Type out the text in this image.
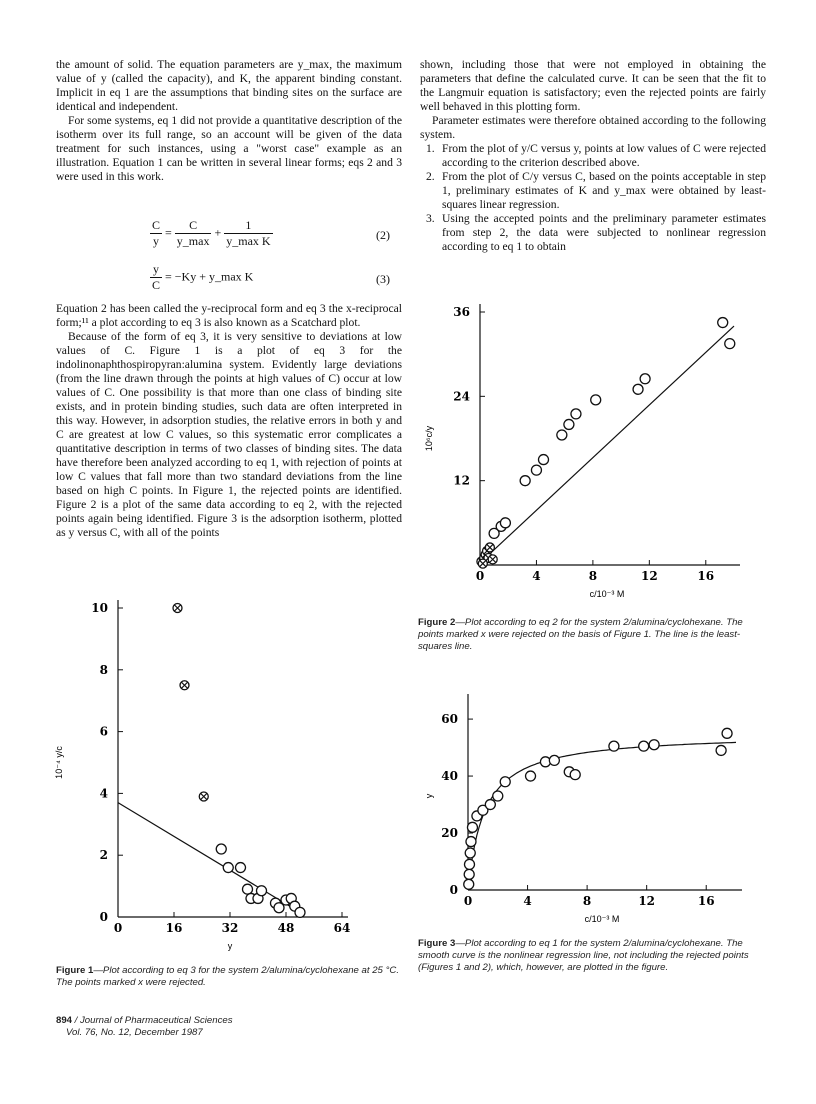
the amount of solid. The equation parameters are y_max, the maximum value of y (called the capacity), and K, the apparent binding constant. Implicit in eq 1 are the assumptions that binding sites on the surface are identical and independent.

For some systems, eq 1 did not provide a quantitative description of the isotherm over its full range, so an account will be given of the data treatment for such instances, using a "worst case" example as an illustration. Equation 1 can be written in several linear forms; eqs 2 and 3 were used in this work.

$\frac{C}{y} = \frac{C}{y\_\max} + \frac{1}{\text{y\_max K}}$	(2)
$\frac{y}{C} = -Ky$ + y_max K	(3)

Equation 2 has been called the y-reciprocal form and eq 3 the x-reciprocal form;¹¹ a plot according to eq 3 is also known as a Scatchard plot.

Because of the form of eq 3, it is very sensitive to deviations at low values of C. Figure 1 is a plot of eq 3 for the indolinonaphthospiropyran:alumina system. Evidently large deviations (from the line drawn through the points at high values of C) occur at low values of C. One possibility is that more than one class of binding site exists, and in protein binding studies, such data are often interpreted in this way. However, in adsorption studies, the relative errors in both y and C are greatest at low C values, so this systematic error complicates a quantitative description in terms of two classes of binding sites. The data have therefore been analyzed according to eq 1, with rejection of points at low C values that fall more than two standard deviations from the line based on high C points. In Figure 1, the rejected points are identified. Figure 2 is a plot of the same data according to eq 2, with the rejected points again being identified. Figure 3 is the adsorption isotherm, plotted as y versus C, with all of the points

shown, including those that were not employed in obtaining the parameters that define the calculated curve. It can be seen that the fit to the Langmuir equation is satisfactory; even the rejected points are fairly well behaved in this plotting form.

Parameter estimates were therefore obtained according to the following system.

1. From the plot of y/C versus y, points at low values of C were rejected according to the criterion described above.
2. From the plot of C/y versus C, based on the points acceptable in step 1, preliminary estimates of K and y_max were obtained by least-squares linear regression.
3. Using the accepted points and the preliminary parameter estimates from step 2, the data were subjected to nonlinear regression according to eq 1 to obtain
0	4	8	12	16
12
24
36
c/10⁻³ M
10⁶c/y
Figure 2—Plot according to eq 2 for the system 2/alumina/cyclohexane. The points marked x were rejected on the basis of Figure 1. The line is the least-squares line.
0	16	32	48	64
0
2
4
6
8
10
y
10⁻⁴ y/c
Figure 1—Plot according to eq 3 for the system 2/alumina/cyclohexane at 25 °C. The points marked x were rejected.
0	4	8	12	16
0
20
40
60
c/10⁻³ M
y
Figure 3—Plot according to eq 1 for the system 2/alumina/cyclohexane. The smooth curve is the nonlinear regression line, not including the rejected points (Figures 1 and 2), which, however, are plotted in the figure.
894 / Journal of Pharmaceutical Sciences
Vol. 76, No. 12, December 1987
